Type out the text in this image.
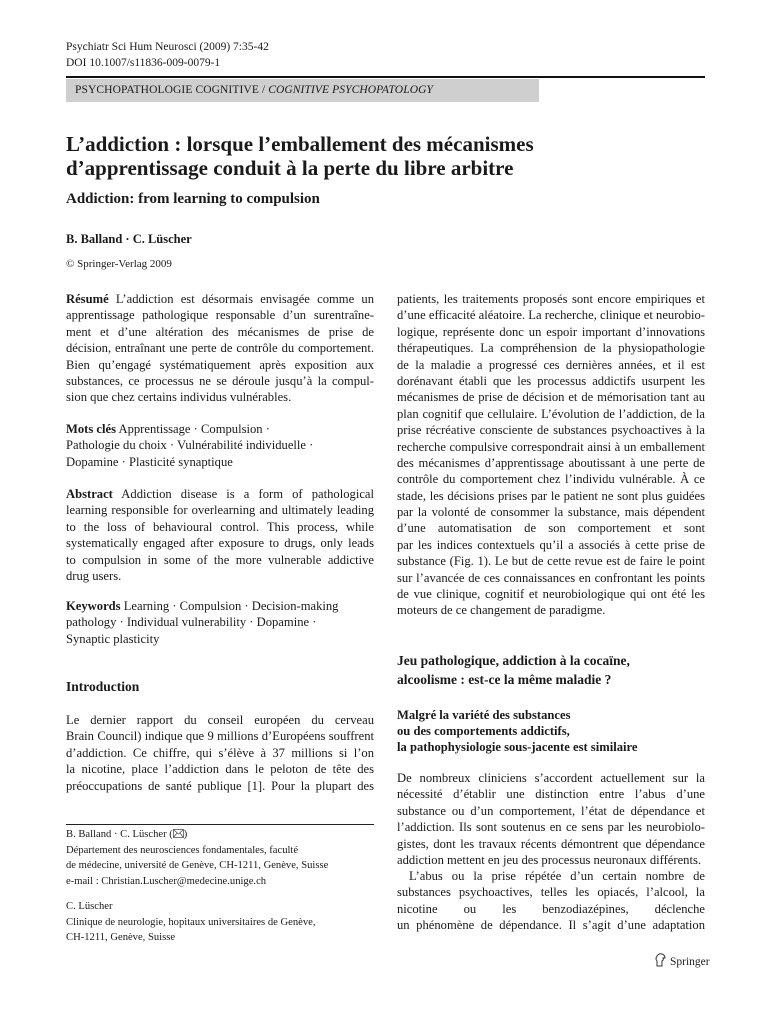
Psychiatr Sci Hum Neurosci (2009) 7:35-42
DOI 10.1007/s11836-009-0079-1
PSYCHOPATHOLOGIE COGNITIVE / COGNITIVE PSYCHOPATOLOGY
L’addiction : lorsque l’emballement des mécanismes
d’apprentissage conduit à la perte du libre arbitre
Addiction: from learning to compulsion
B. Balland · C. Lüscher
© Springer-Verlag 2009
Résumé L’addiction est désormais envisagée comme un
apprentissage pathologique responsable d’un surentraîne-
ment et d’une altération des mécanismes de prise de
décision, entraînant une perte de contrôle du comportement.
Bien qu’engagé systématiquement après exposition aux
substances, ce processus ne se déroule jusqu’à la compul-
sion que chez certains individus vulnérables.
Mots clés Apprentissage · Compulsion ·
Pathologie du choix · Vulnérabilité individuelle ·
Dopamine · Plasticité synaptique
Abstract Addiction disease is a form of pathological
learning responsible for overlearning and ultimately leading
to the loss of behavioural control. This process, while
systematically engaged after exposure to drugs, only leads
to compulsion in some of the more vulnerable addictive
drug users.
Keywords Learning · Compulsion · Decision-making
pathology · Individual vulnerability · Dopamine ·
Synaptic plasticity
Introduction
Le dernier rapport du conseil européen du cerveau
Brain Council) indique que 9 millions d’Européens souffrent
d’addiction. Ce chiffre, qui s’élève à 37 millions si l’on
la nicotine, place l’addiction dans le peloton de tête des
préoccupations de santé publique [1]. Pour la plupart des
patients, les traitements proposés sont encore empiriques et
d’une efficacité aléatoire. La recherche, clinique et neurobio-
logique, représente donc un espoir important d’innovations
thérapeutiques. La compréhension de la physiopathologie
de la maladie a progressé ces dernières années, et il est
dorénavant établi que les processus addictifs usurpent les
mécanismes de prise de décision et de mémorisation tant au
plan cognitif que cellulaire. L’évolution de l’addiction, de la
prise récréative consciente de substances psychoactives à la
recherche compulsive correspondrait ainsi à un emballement
des mécanismes d’apprentissage aboutissant à une perte de
contrôle du comportement chez l’individu vulnérable. À ce
stade, les décisions prises par le patient ne sont plus guidées
par la volonté de consommer la substance, mais dépendent
d’une automatisation de son comportement et sont
par les indices contextuels qu’il a associés à cette prise de
substance (Fig. 1). Le but de cette revue est de faire le point
sur l’avancée de ces connaissances en confrontant les points
de vue clinique, cognitif et neurobiologique qui ont été les
moteurs de ce changement de paradigme.
Jeu pathologique, addiction à la cocaïne,
alcoolisme : est-ce la même maladie ?
Malgré la variété des substances
ou des comportements addictifs,
la pathophysiologie sous-jacente est similaire
De nombreux cliniciens s’accordent actuellement sur la
nécessité d’établir une distinction entre l’abus d’une
substance ou d’un comportement, l’état de dépendance et
l’addiction. Ils sont soutenus en ce sens par les neurobiolo-
gistes, dont les travaux récents démontrent que dépendance
addiction mettent en jeu des processus neuronaux différents.
L’abus ou la prise répétée d’un certain nombre de
substances psychoactives, telles les opiacés, l’alcool, la
nicotine ou les benzodiazépines, déclenche
un phénomène de dépendance. Il s’agit d’une adaptation
B. Balland · C. Lüscher ( )
Département des neurosciences fondamentales, faculté
de médecine, université de Genève, CH-1211, Genève, Suisse
e-mail : Christian.Luscher@medecine.unige.ch
C. Lüscher
Clinique de neurologie, hopitaux universitaires de Genève,
CH-1211, Genève, Suisse
Springer
